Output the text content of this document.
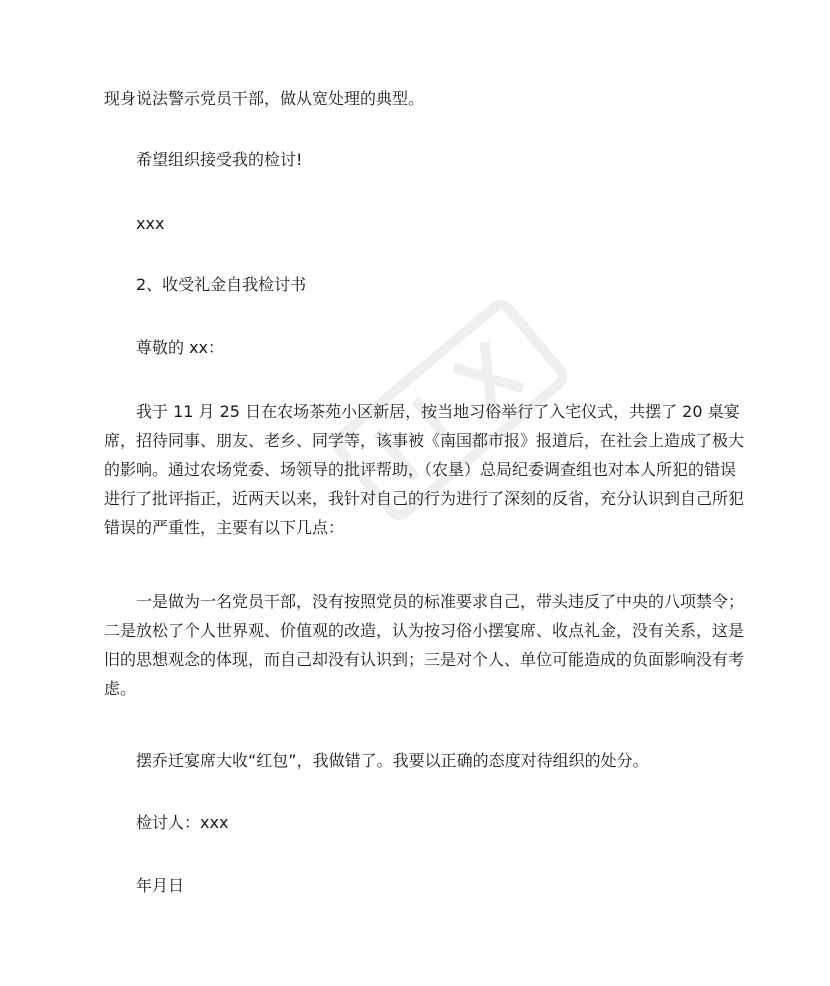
现身说法警示党员干部，做从宽处理的典型。

希望组织接受我的检讨!

xxx

2、收受礼金自我检讨书

尊敬的 xx：

我于 11 月 25 日在农场茶苑小区新居，按当地习俗举行了入宅仪式，共摆了 20 桌宴
席，招待同事、朋友、老乡、同学等，该事被《南国都市报》报道后，在社会上造成了极大
的影响。通过农场党委、场领导的批评帮助，（农垦）总局纪委调查组也对本人所犯的错误
进行了批评指正，近两天以来，我针对自己的行为进行了深刻的反省，充分认识到自己所犯
错误的严重性，主要有以下几点：
一是做为一名党员干部，没有按照党员的标准要求自己，带头违反了中央的八项禁令；
二是放松了个人世界观、价值观的改造，认为按习俗小摆宴席、收点礼金，没有关系，这是
旧的思想观念的体现，而自己却没有认识到；三是对个人、单位可能造成的负面影响没有考
虑。

摆乔迁宴席大收“红包”，我做错了。我要以正确的态度对待组织的处分。

检讨人：xxx

年月日
